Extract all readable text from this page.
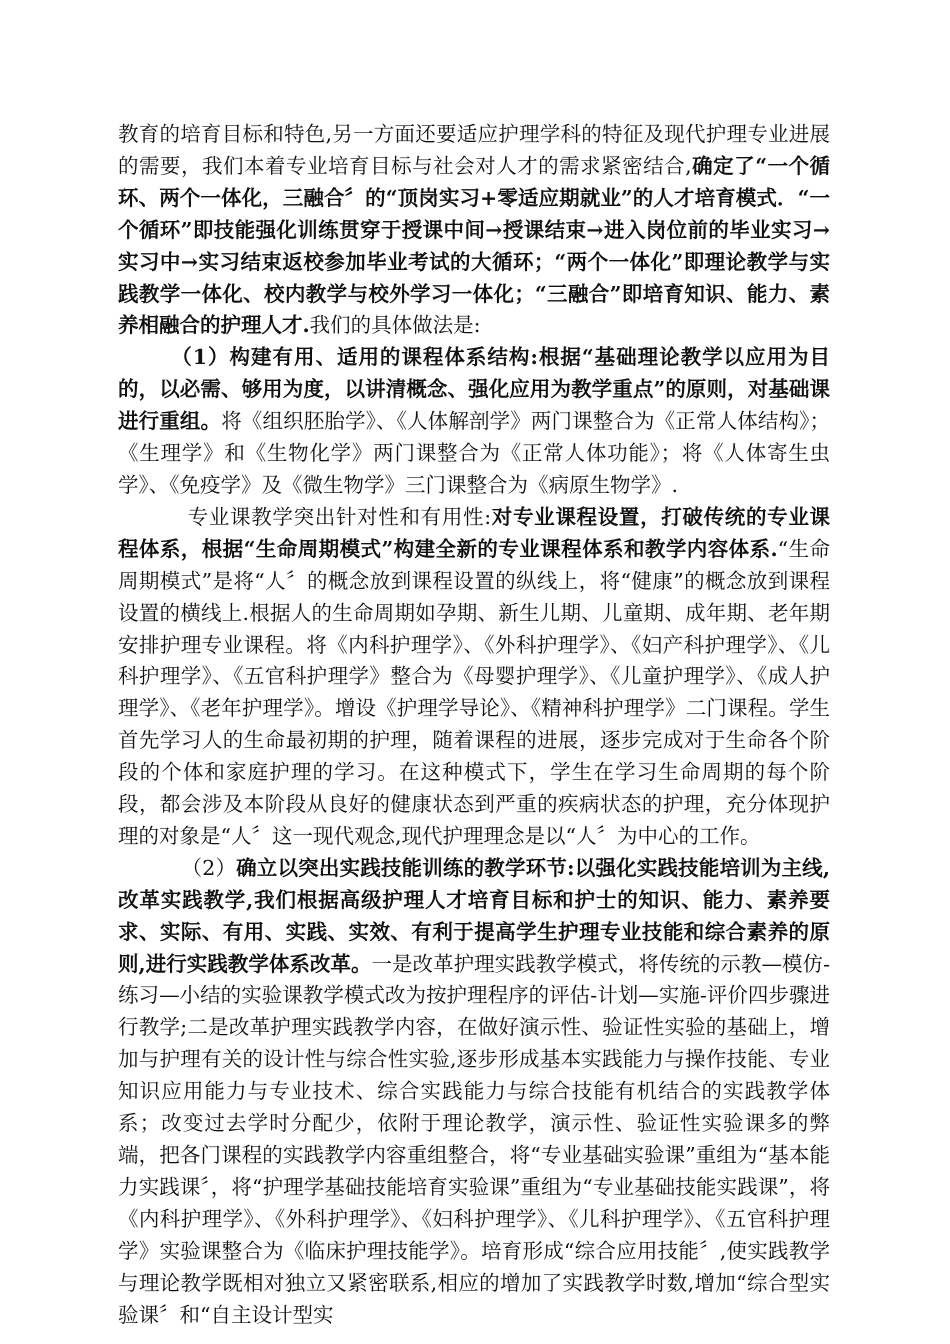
教育的培育目标和特色,另一方面还要适应护理学科的特征及现代护理专业进展的需要，我们本着专业培育目标与社会对人才的需求紧密结合,确定了“一个循环、两个一体化，三融合〞的“顶岗实习+零适应期就业”的人才培育模式．“一个循环”即技能强化训练贯穿于授课中间→授课结束→进入岗位前的毕业实习→实习中→实习结束返校参加毕业考试的大循环；“两个一体化”即理论教学与实践教学一体化、校内教学与校外学习一体化；“三融合”即培育知识、能力、素养相融合的护理人才.我们的具体做法是:

（1）构建有用、适用的课程体系结构:根据“基础理论教学以应用为目的，以必需、够用为度，以讲清概念、强化应用为教学重点”的原则，对基础课进行重组。将《组织胚胎学》、《人体解剖学》两门课整合为《正常人体结构》；《生理学》和《生物化学》两门课整合为《正常人体功能》；将《人体寄生虫学》、《免疫学》及《微生物学》三门课整合为《病原生物学》.

专业课教学突出针对性和有用性:对专业课程设置，打破传统的专业课程体系，根据“生命周期模式”构建全新的专业课程体系和教学内容体系.“生命周期模式”是将“人〞的概念放到课程设置的纵线上，将“健康”的概念放到课程设置的横线上.根据人的生命周期如孕期、新生儿期、儿童期、成年期、老年期安排护理专业课程。将《内科护理学》、《外科护理学》、《妇产科护理学》、《儿科护理学》、《五官科护理学》整合为《母婴护理学》、《儿童护理学》、《成人护理学》、《老年护理学》。增设《护理学导论》、《精神科护理学》二门课程。学生首先学习人的生命最初期的护理，随着课程的进展，逐步完成对于生命各个阶段的个体和家庭护理的学习。在这种模式下，学生在学习生命周期的每个阶段，都会涉及本阶段从良好的健康状态到严重的疾病状态的护理，充分体现护理的对象是“人〞这一现代观念,现代护理理念是以“人〞为中心的工作。

（2）确立以突出实践技能训练的教学环节:以强化实践技能培训为主线,改革实践教学,我们根据高级护理人才培育目标和护士的知识、能力、素养要求、实际、有用、实践、实效、有利于提高学生护理专业技能和综合素养的原则,进行实践教学体系改革。一是改革护理实践教学模式，将传统的示教—模仿-练习—小结的实验课教学模式改为按护理程序的评估-计划—实施-评价四步骤进行教学;二是改革护理实践教学内容，在做好演示性、验证性实验的基础上，增加与护理有关的设计性与综合性实验,逐步形成基本实践能力与操作技能、专业知识应用能力与专业技术、综合实践能力与综合技能有机结合的实践教学体系；改变过去学时分配少，依附于理论教学，演示性、验证性实验课多的弊端，把各门课程的实践教学内容重组整合，将“专业基础实验课”重组为“基本能力实践课〞，将“护理学基础技能培育实验课”重组为“专业基础技能实践课”，将《内科护理学》、《外科护理学》、《妇科护理学》、《儿科护理学》、《五官科护理学》实验课整合为《临床护理技能学》。培育形成“综合应用技能〞,使实践教学与理论教学既相对独立又紧密联系,相应的增加了实践教学时数,增加“综合型实验课〞和“自主设计型实
